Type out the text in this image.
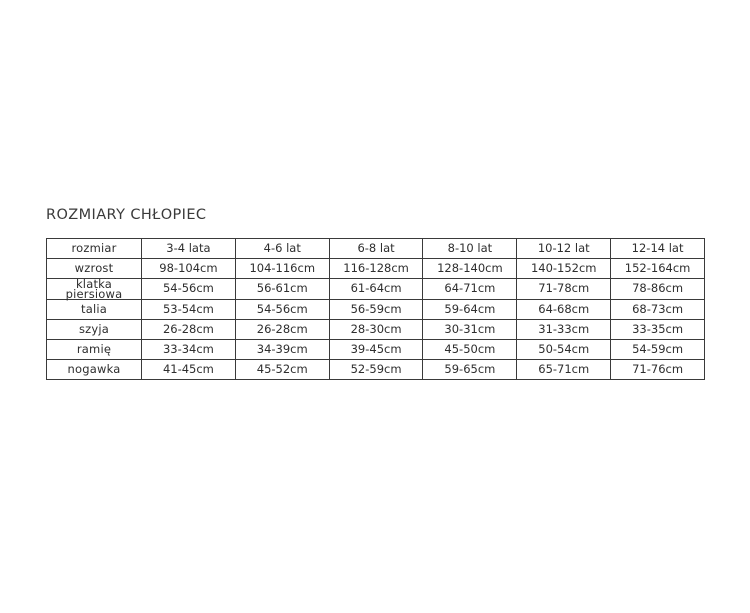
ROZMIARY CHŁOPIEC
rozmiar	3-4 lata	4-6 lat	6-8 lat	8-10 lat	10-12 lat	12-14 lat
wzrost	98-104cm	104-116cm	116-128cm	128-140cm	140-152cm	152-164cm

klatka
piersiowa	54-56cm	56-61cm	61-64cm	64-71cm	71-78cm	78-86cm
talia	53-54cm	54-56cm	56-59cm	59-64cm	64-68cm	68-73cm
szyja	26-28cm	26-28cm	28-30cm	30-31cm	31-33cm	33-35cm
ramię	33-34cm	34-39cm	39-45cm	45-50cm	50-54cm	54-59cm
nogawka	41-45cm	45-52cm	52-59cm	59-65cm	65-71cm	71-76cm
